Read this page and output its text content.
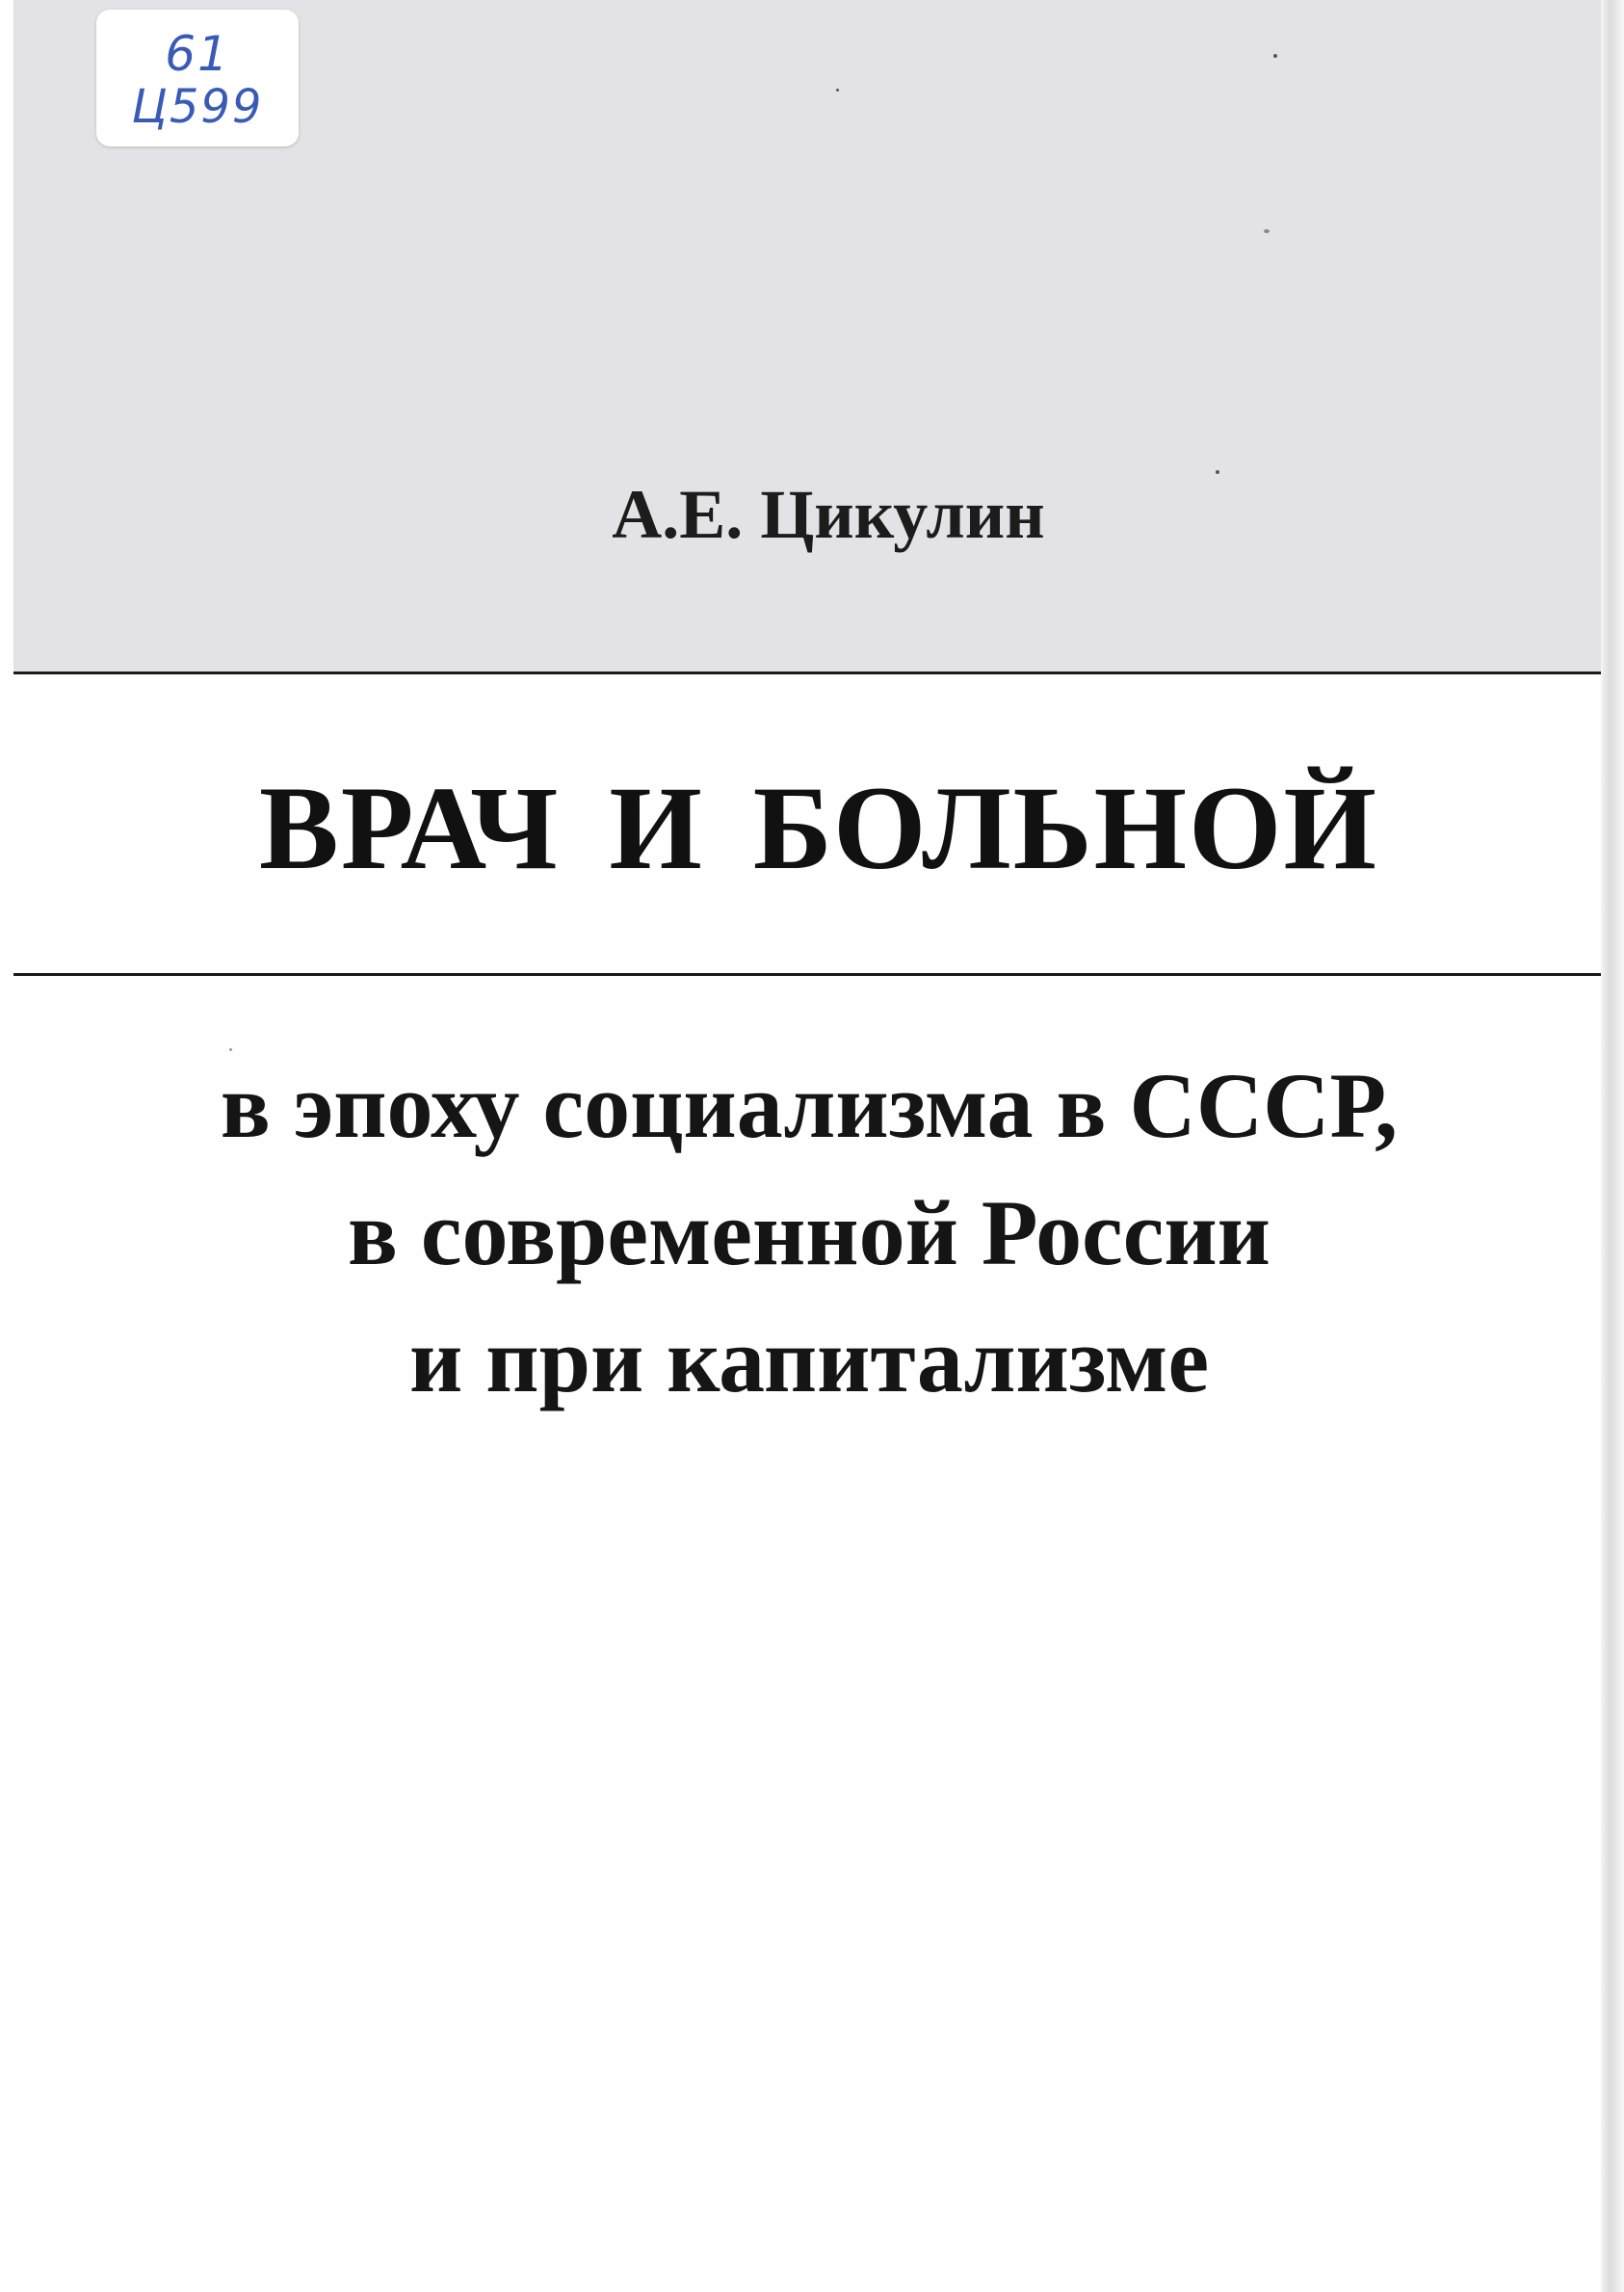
61
Ц599
А.Е. Цикулин
ВРАЧ И БОЛЬНОЙ
в эпоху социализма в СССР,
в современной России
и при капитализме
